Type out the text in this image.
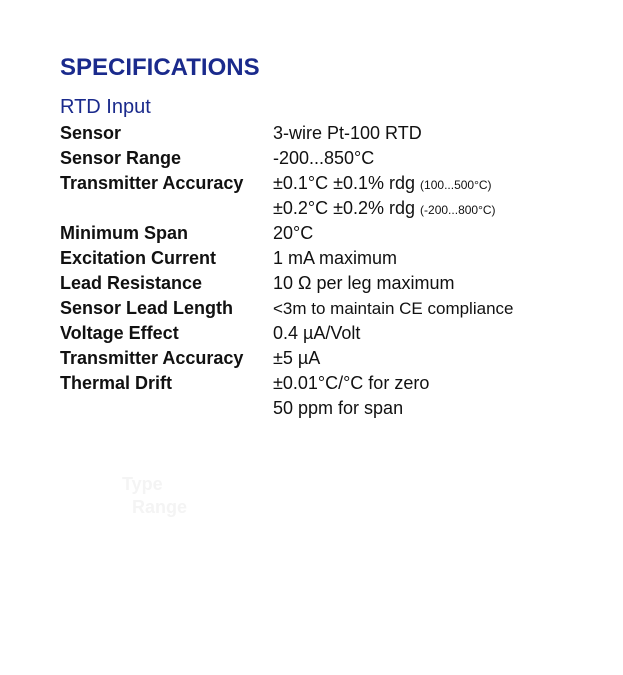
SPECIFICATIONS
RTD Input
Sensor	3-wire Pt-100 RTD
Sensor Range	-200...850°C
Transmitter Accuracy	±0.1°C ±0.1% rdg (100...500°C)
±0.2°C ±0.2% rdg (-200...800°C)
Minimum Span	20°C
Excitation Current	1 mA maximum
Lead Resistance	10 Ω per leg maximum
Sensor Lead Length	<3m to maintain CE compliance
Voltage Effect	0.4 µA/Volt
Transmitter Accuracy	±5 µA
Thermal Drift	±0.01°C/°C for zero
50 ppm for span
Type
Range
